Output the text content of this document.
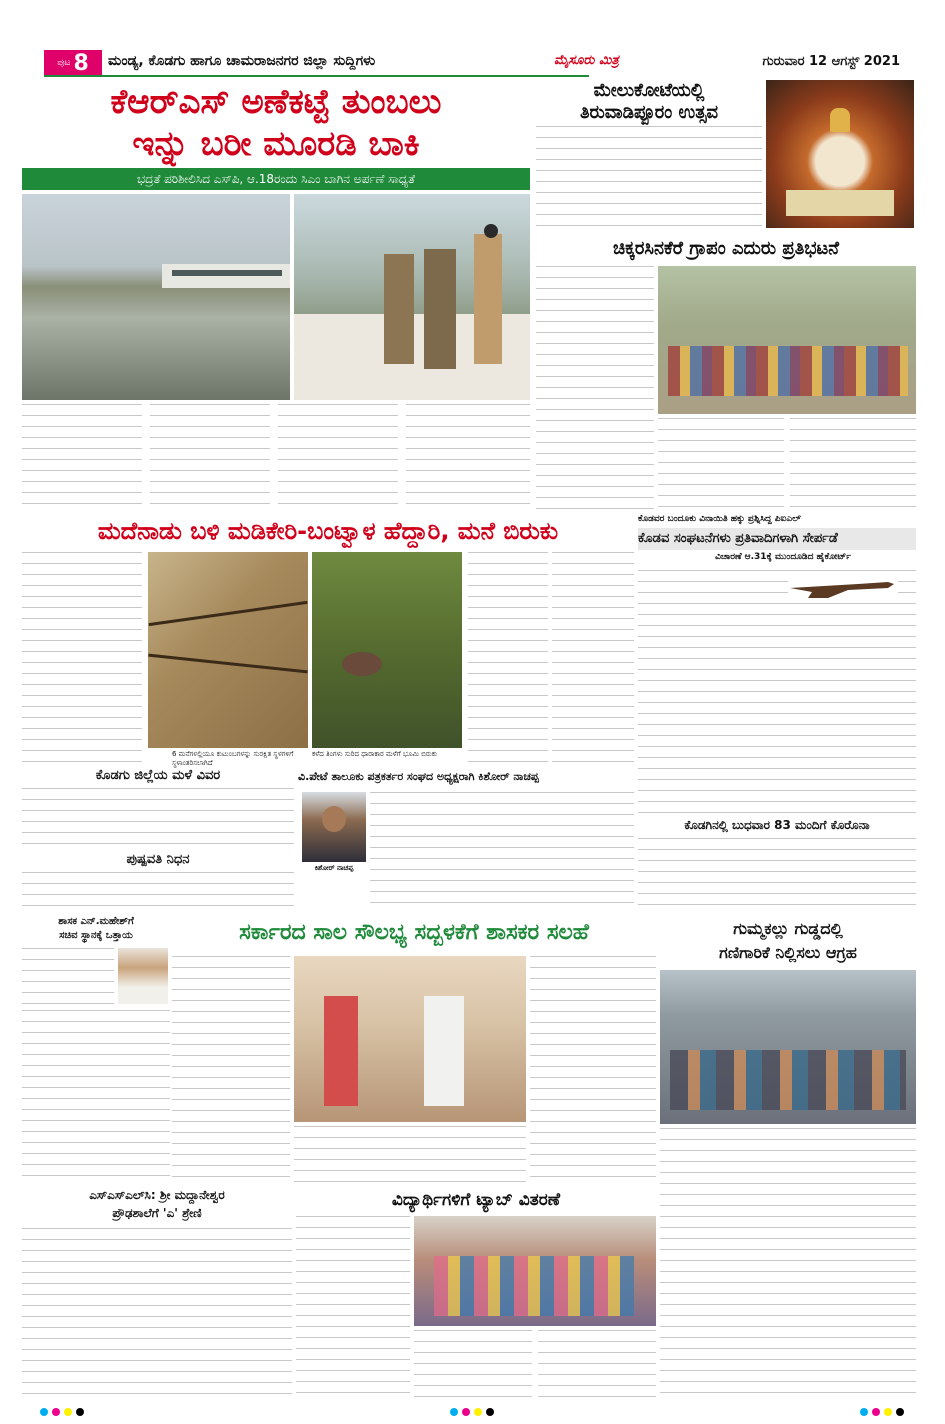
ಪುಟ 8 ಮಂಡ್ಯ, ಕೊಡಗು ಹಾಗೂ ಚಾಮರಾಜನಗರ ಜಿಲ್ಲಾ ಸುದ್ದಿಗಳು	ಮೈಸೂರು ಮಿತ್ರ	ಗುರುವಾರ 12 ಆಗಸ್ಟ್ 2021
ಕೆಆರ್‌ಎಸ್ ಅಣೆಕಟ್ಟೆ ತುಂಬಲು
ಇನ್ನು ಬರೀ ಮೂರಡಿ ಬಾಕಿ
ಭದ್ರತೆ ಪರಿಶೀಲಿಸಿದ ಎಸ್‌ಪಿ, ಆ.18ರಂದು ಸಿಎಂ ಬಾಗಿನ ಅರ್ಪಣೆ ಸಾಧ್ಯತೆ
ಮೇಲುಕೋಟೆಯಲ್ಲಿ
ತಿರುವಾಡಿಪ್ಪೂರಂ ಉತ್ಸವ
ಚಿಕ್ಕರಸಿನಕೆರೆ ಗ್ರಾಪಂ ಎದುರು ಪ್ರತಿಭಟನೆ
ಮದೆನಾಡು ಬಳಿ ಮಡಿಕೇರಿ-ಬಂಟ್ವಾಳ ಹೆದ್ದಾರಿ, ಮನೆ ಬಿರುಕು
6 ಮನೆಗಳಲ್ಲಿಯೂ ಕುಟುಂಬಗಳನ್ನು ಸುರಕ್ಷಿತ ಸ್ಥಳಗಳಿಗೆ ಸ್ಥಳಾಂತರಿಸಲಾಗಿದೆ
ಕಳೆದ ತಿಂಗಳು ಸುರಿದ ಧಾರಾಕಾರ ಮಳೆಗೆ ಭೂಮಿ ಬಿರುಕು
ಕೊಡವರ ಬಂದೂಕು ವಿನಾಯಿತಿ ಹಕ್ಕು ಪ್ರಶ್ನಿಸಿದ್ದ ಪಿಐಎಲ್
ಕೊಡವ ಸಂಘಟನೆಗಳು ಪ್ರತಿವಾದಿಗಳಾಗಿ ಸೇರ್ಪಡೆ
ವಿಚಾರಣೆ ಆ.31ಕ್ಕೆ ಮುಂದೂಡಿದ ಹೈಕೋರ್ಟ್
ಕೊಡಗು ಜಿಲ್ಲೆಯ ಮಳೆ ವಿವರ
ಪುಷ್ಪವತಿ ನಿಧನ
ವಿ.ಪೇಟೆ ತಾಲೂಕು ಪತ್ರಕರ್ತರ ಸಂಘದ ಅಧ್ಯಕ್ಷರಾಗಿ ಕಿಶೋರ್ ನಾಚಪ್ಪ
ಕಿಶೋರ್ ನಾಚಪ್ಪ
ಕೊಡಗಿನಲ್ಲಿ ಬುಧವಾರ 83 ಮಂದಿಗೆ ಕೊರೊನಾ
ಶಾಸಕ ಎನ್.ಮಹೇಶ್‌ಗೆ
ಸಚಿವ ಸ್ಥಾನಕ್ಕೆ ಒತ್ತಾಯ	ಸರ್ಕಾರದ ಸಾಲ ಸೌಲಭ್ಯ ಸದ್ಬಳಕೆಗೆ ಶಾಸಕರ ಸಲಹೆ	ಗುಮ್ಮಕಲ್ಲು ಗುಡ್ಡದಲ್ಲಿ
ಗಣಿಗಾರಿಕೆ ನಿಲ್ಲಿಸಲು ಆಗ್ರಹ
ಎಸ್‌ಎಸ್‌ಎಲ್‌ಸಿ: ಶ್ರೀ ಮದ್ದಾನೇಶ್ವರ
ಪ್ರೌಢಶಾಲೆಗೆ 'ಎ' ಶ್ರೇಣಿ
ವಿದ್ಯಾರ್ಥಿಗಳಿಗೆ ಟ್ಯಾಬ್ ವಿತರಣೆ
